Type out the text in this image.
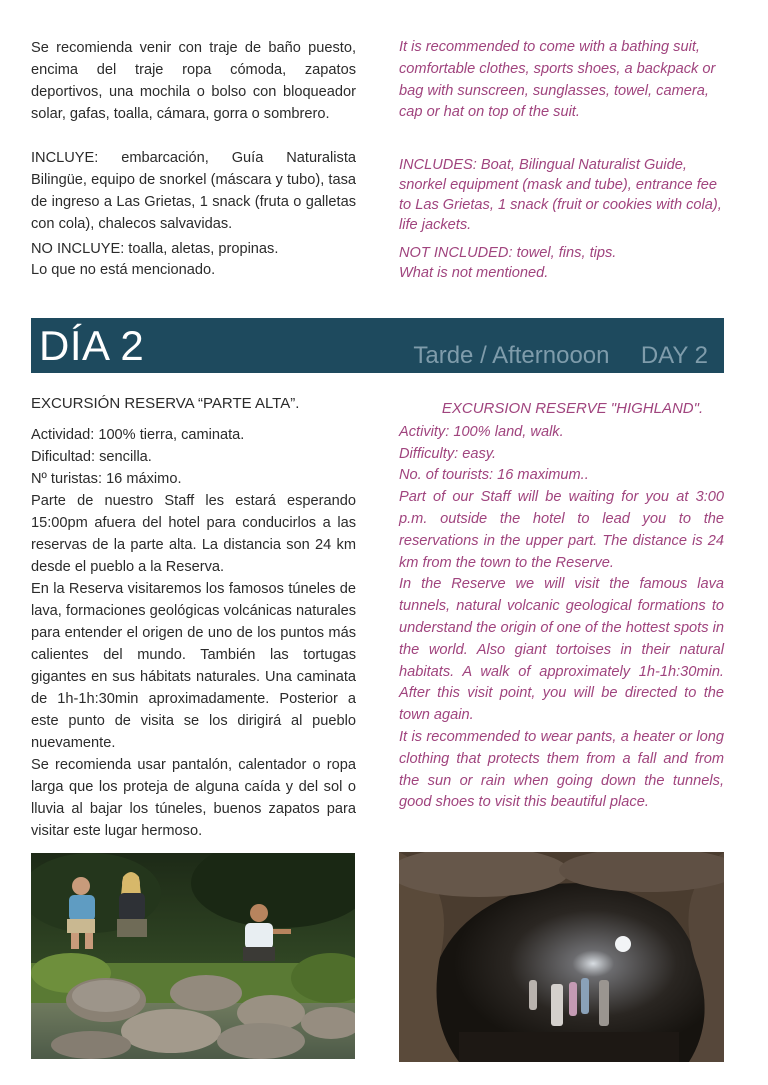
Se recomienda venir con traje de baño puesto, encima del traje ropa cómoda, zapatos deportivos, una mochila o bolso con bloqueador solar, gafas, toalla, cámara, gorra o sombrero.

INCLUYE: embarcación, Guía Naturalista Bilingüe, equipo de snorkel (máscara y tubo), tasa de ingreso a Las Grietas, 1 snack (fruta o galletas con cola), chalecos salvavidas.

NO INCLUYE: toalla, aletas, propinas.

Lo que no está mencionado.

It is recommended to come with a bathing suit, comfortable clothes, sports shoes, a backpack or bag with sunscreen, sunglasses, towel, camera, cap or hat on top of the suit.

INCLUDES: Boat, Bilingual Naturalist Guide, snorkel equipment (mask and tube), entrance fee to Las Grietas, 1 snack (fruit or cookies with cola), life jackets.

NOT INCLUDED: towel, fins, tips.

What is not mentioned.

DÍA 2	Tarde / Afternooon DAY 2

EXCURSIÓN RESERVA “PARTE ALTA”.

Actividad: 100% tierra, caminata.

Dificultad: sencilla.

Nº turistas: 16 máximo.

Parte de nuestro Staff les estará esperando 15:00pm afuera del hotel para conducirlos a las reservas de la parte alta. La distancia son 24 km desde el pueblo a la Reserva.

En la Reserva visitaremos los famosos túneles de lava, formaciones geológicas volcánicas naturales para entender el origen de uno de los puntos más calientes del mundo. También las tortugas gigantes en sus hábitats naturales. Una caminata de 1h-1h:30min aproximadamente. Posterior a este punto de visita se los dirigirá al pueblo nuevamente.

Se recomienda usar pantalón, calentador o ropa larga que los proteja de alguna caída y del sol o lluvia al bajar los túneles, buenos zapatos para visitar este lugar hermoso.

EXCURSION RESERVE "HIGHLAND".

Activity: 100% land, walk.

Difficulty: easy.

No. of tourists: 16 maximum..

Part of our Staff will be waiting for you at 3:00 p.m. outside the hotel to lead you to the reservations in the upper part. The distance is 24 km from the town to the Reserve.

In the Reserve we will visit the famous lava tunnels, natural volcanic geological formations to understand the origin of one of the hottest spots in the world. Also giant tortoises in their natural habitats. A walk of approximately 1h-1h:30min. After this visit point, you will be directed to the town again.

It is recommended to wear pants, a heater or long clothing that protects them from a fall and from the sun or rain when going down the tunnels, good shoes to visit this beautiful place.
